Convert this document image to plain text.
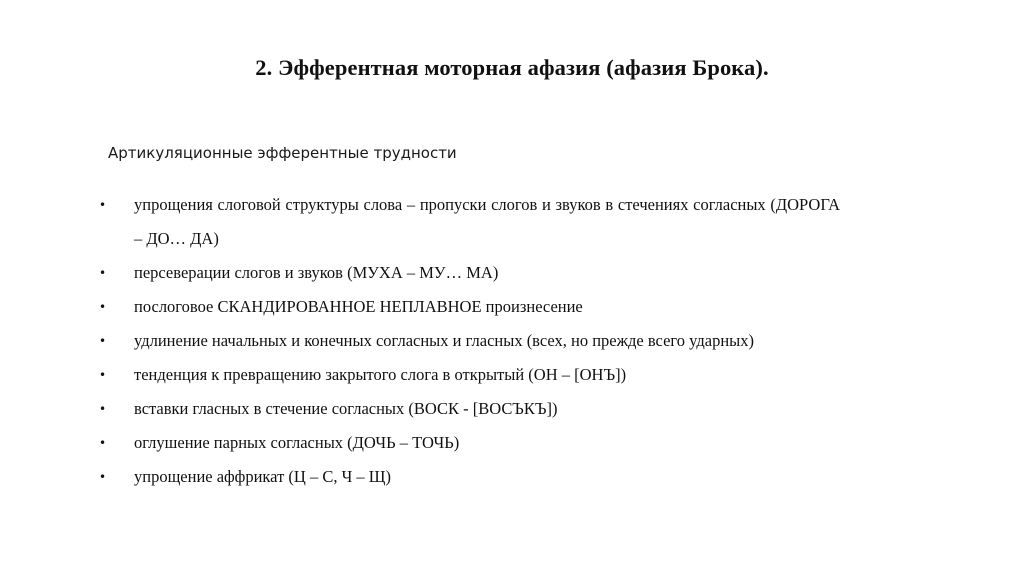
2. Эфферентная моторная афазия (афазия Брока).
Артикуляционные эфферентные трудности
• упрощения слоговой структуры слова – пропуски слогов и звуков в стечениях согласных (ДОРОГА – ДО… ДА)
• персеверации слогов и звуков (МУХА – МУ… МА)
• послоговое СКАНДИРОВАННОЕ НЕПЛАВНОЕ произнесение
• удлинение начальных и конечных согласных и гласных (всех, но прежде всего ударных)
• тенденция к превращению закрытого слога в открытый (ОН – [ОНЪ])
• вставки гласных в стечение согласных (ВОСК - [ВОСЪКЪ])
• оглушение парных согласных (ДОЧЬ – ТОЧЬ)
• упрощение аффрикат (Ц – С, Ч – Щ)
